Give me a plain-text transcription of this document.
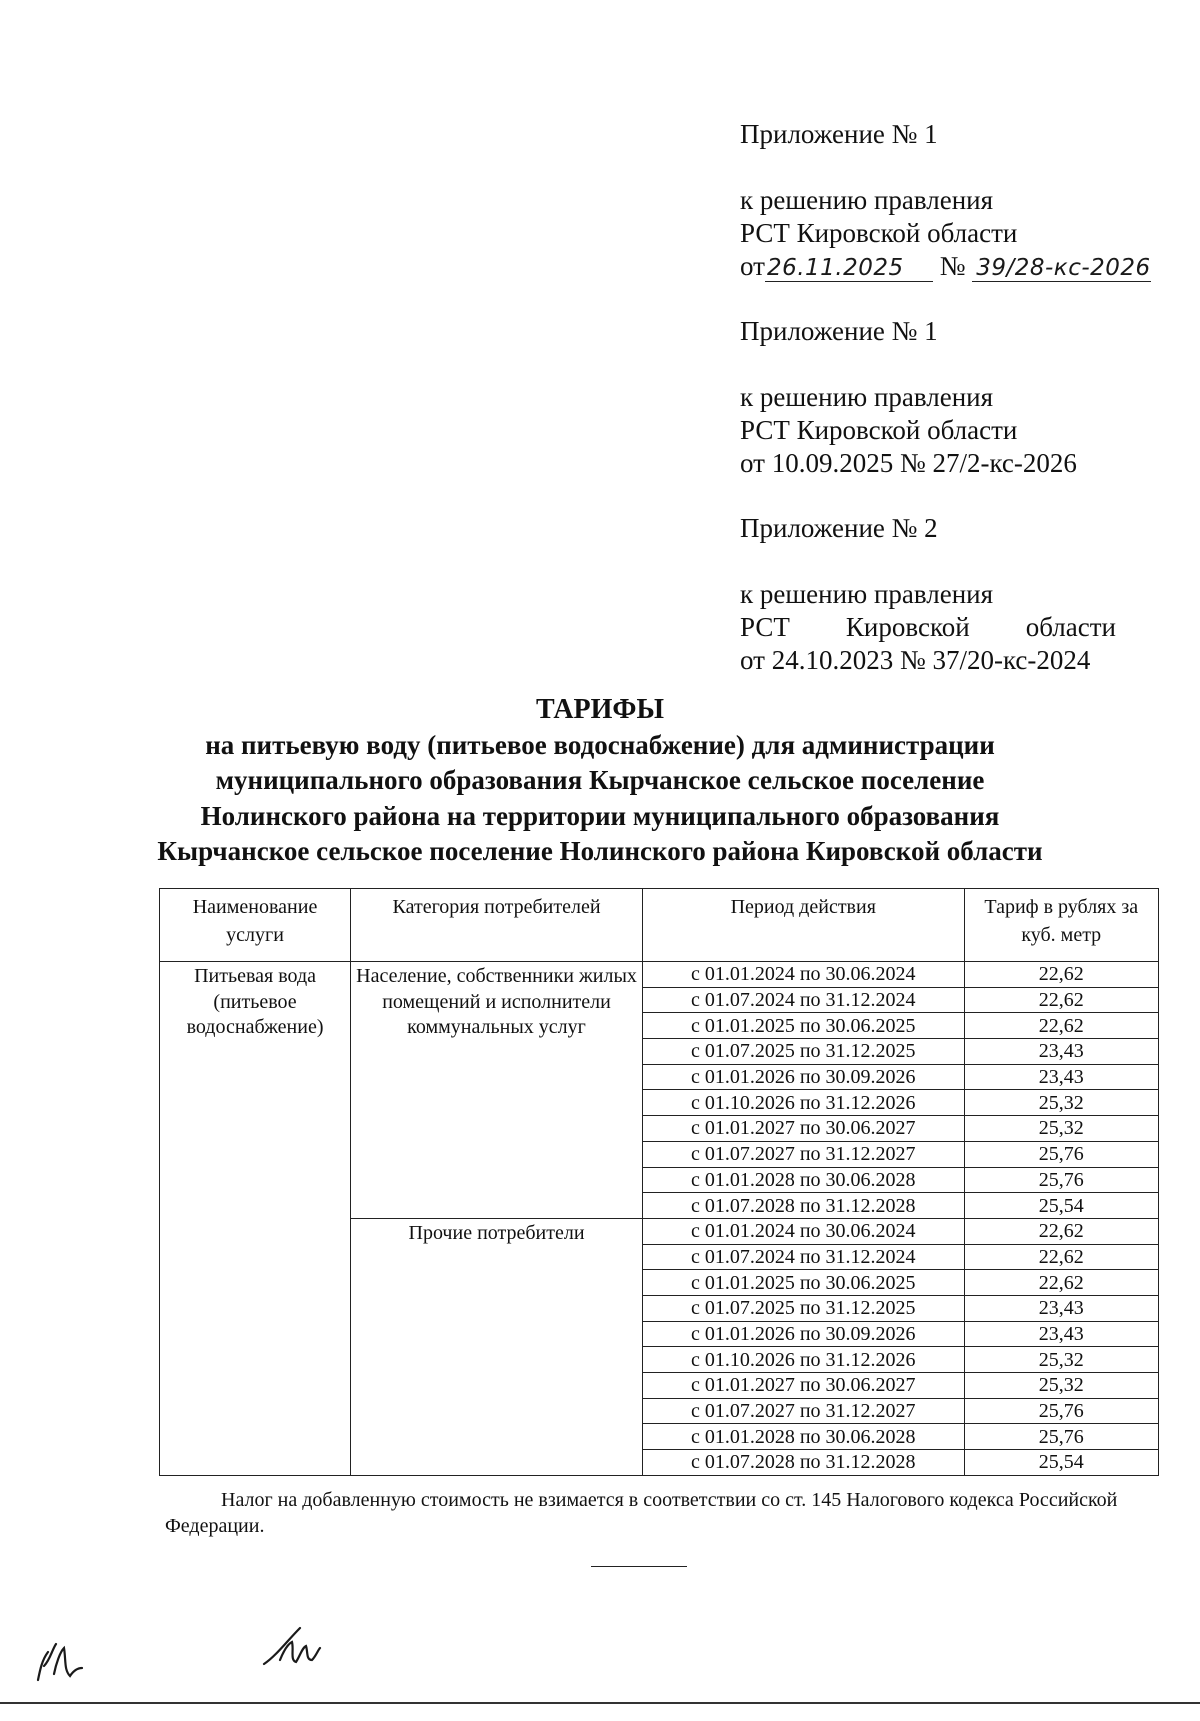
Приложение № 1
к решению правления
РСТ Кировской области
от26.11.2025 № 39/28-кс-2026
Приложение № 1
к решению правления
РСТ Кировской области
от 10.09.2025 № 27/2-кс-2026
Приложение № 2
к решению правления
РСТ Кировской области
от 24.10.2023 № 37/20-кс-2024
ТАРИФЫ
на питьевую воду (питьевое водоснабжение) для администрации
муниципального образования Кырчанское сельское поселение
Нолинского района на территории муниципального образования
Кырчанское сельское поселение Нолинского района Кировской области
Наименование услуги	Категория потребителей	Период действия	Тариф в рублях за куб. метр
Питьевая вода (питьевое водоснабжение)	Население, собственники жилых помещений и исполнители коммунальных услуг	с 01.01.2024 по 30.06.2024	22,62
		с 01.07.2024 по 31.12.2024	22,62
		с 01.01.2025 по 30.06.2025	22,62
		с 01.07.2025 по 31.12.2025	23,43
		с 01.01.2026 по 30.09.2026	23,43
		с 01.10.2026 по 31.12.2026	25,32
		с 01.01.2027 по 30.06.2027	25,32
		с 01.07.2027 по 31.12.2027	25,76
		с 01.01.2028 по 30.06.2028	25,76
		с 01.07.2028 по 31.12.2028	25,54
	Прочие потребители	с 01.01.2024 по 30.06.2024	22,62
		с 01.07.2024 по 31.12.2024	22,62
		с 01.01.2025 по 30.06.2025	22,62
		с 01.07.2025 по 31.12.2025	23,43
		с 01.01.2026 по 30.09.2026	23,43
		с 01.10.2026 по 31.12.2026	25,32
		с 01.01.2027 по 30.06.2027	25,32
		с 01.07.2027 по 31.12.2027	25,76
		с 01.01.2028 по 30.06.2028	25,76
		с 01.07.2028 по 31.12.2028	25,54
Налог на добавленную стоимость не взимается в соответствии со ст. 145 Налогового кодекса Российской Федерации.
